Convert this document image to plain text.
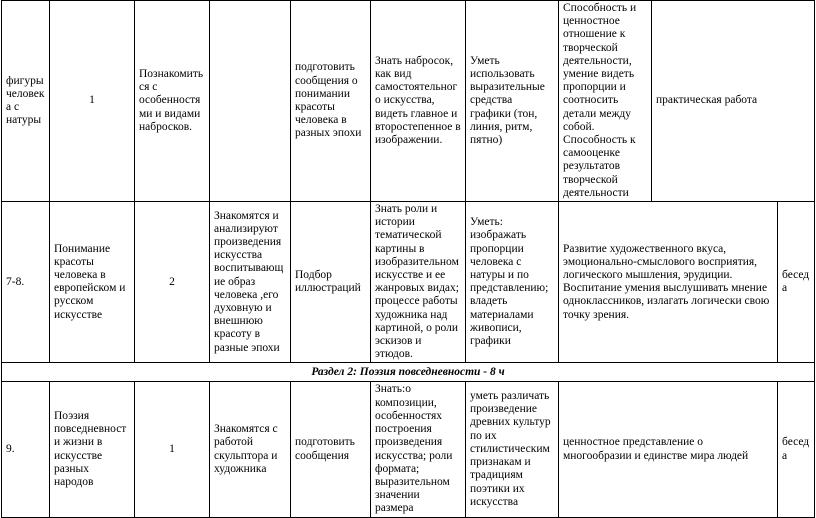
фигуры человека с натуры	1	Познакомиться с особенностями и видами набросков.		подготовить сообщения о понимании красоты человека в разных эпохи	Знать набросок, как вид самостоятельного искусства, видеть главное и второстепенное в изображении.	Уметь использовать выразительные средства графики (тон, линия, ритм, пятно)	Способность и ценностное отношение к творческой деятельности, умение видеть пропорции и соотносить детали между собой. Способность к самооценке результатов творческой деятельности	практическая работа	
7-8.	Понимание красоты человека в европейском и русском искусстве	2	Знакомятся и анализируют произведения искусства воспитывающие образ человека ,его духовную и внешнюю красоту в разные эпохи	Подбор иллюстраций	Знать роли и истории тематической картины в изобразительном искусстве и ее жанровых видах; процессе работы художника над картиной, о роли эскизов и этюдов.	Уметь: изображать пропорции человека с натуры и по представлению; владеть материалами живописи, графики	Развитие художественного вкуса, эмоционально-смыслового восприятия, логического мышления, эрудиции. Воспитание умения выслушивать мнение одноклассников, излагать логически свою точку зрения.		беседа
Раздел 2: Поэзия повседневности - 8 ч									
9.	Поэзия повседневности жизни в искусстве разных народов	1	Знакомятся с работой скульптора и художника	подготовить сообщения	Знать:о композиции, особенностях построения произведения искусства; роли формата; выразительном значении размера	уметь различать произведение древних культур по их стилистическим признакам и традициям поэтики их искусства	ценностное представление о многообразии и единстве мира людей		беседа
